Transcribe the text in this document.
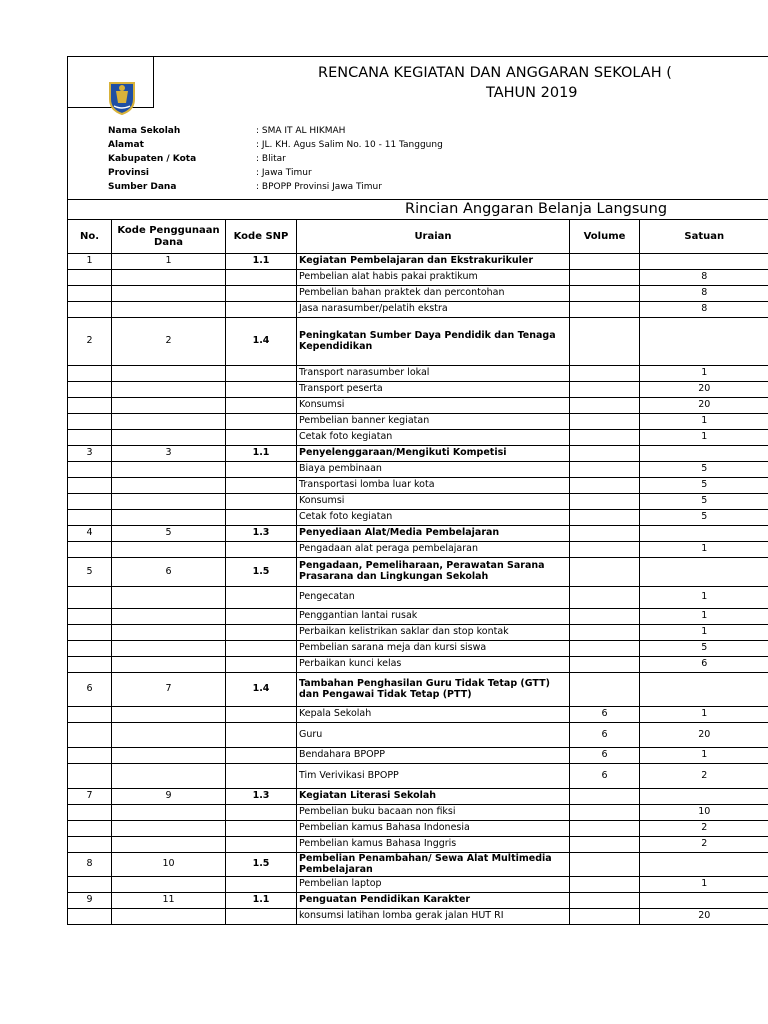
RENCANA KEGIATAN DAN ANGGARAN SEKOLAH (
TAHUN 2019
Nama Sekolah	: SMA IT AL HIKMAH
Alamat	: JL. KH. Agus Salim No. 10 - 11 Tanggung
Kabupaten / Kota	: Blitar
Provinsi	: Jawa Timur
Sumber Dana	: BPOPP Provinsi Jawa Timur
Rincian Anggaran Belanja Langsung
No.	Kode Penggunaan Dana	Kode SNP	Uraian	Volume	Satuan
1	1	1.1	Kegiatan Pembelajaran dan Ekstrakurikuler		
			Pembelian alat habis pakai praktikum		8
			Pembelian bahan praktek dan percontohan		8
			Jasa narasumber/pelatih ekstra		8
2	2	1.4	Peningkatan Sumber Daya Pendidik dan Tenaga Kependidikan		
			Transport narasumber lokal		1
			Transport peserta		20
			Konsumsi		20
			Pembelian banner kegiatan		1
			Cetak foto kegiatan		1
3	3	1.1	Penyelenggaraan/Mengikuti Kompetisi		
			Biaya pembinaan		5
			Transportasi lomba luar kota		5
			Konsumsi		5
			Cetak foto kegiatan		5
4	5	1.3	Penyediaan Alat/Media Pembelajaran		
			Pengadaan alat peraga pembelajaran		1
5	6	1.5	Pengadaan, Pemeliharaan, Perawatan Sarana Prasarana dan Lingkungan Sekolah		
			Pengecatan		1
			Penggantian lantai rusak		1
			Perbaikan kelistrikan saklar dan stop kontak		1
			Pembelian sarana meja dan kursi siswa		5
			Perbaikan kunci kelas		6
6	7	1.4	Tambahan Penghasilan Guru Tidak Tetap (GTT) dan Pengawai Tidak Tetap (PTT)		
			Kepala Sekolah	6	1
			Guru	6	20
			Bendahara BPOPP	6	1
			Tim Verivikasi BPOPP	6	2
7	9	1.3	Kegiatan Literasi Sekolah		
			Pembelian buku bacaan non fiksi		10
			Pembelian kamus Bahasa Indonesia		2
			Pembelian kamus Bahasa Inggris		2
8	10	1.5	Pembelian Penambahan/ Sewa Alat Multimedia Pembelajaran		
			Pembelian laptop		1
9	11	1.1	Penguatan Pendidikan Karakter		
			konsumsi latihan lomba gerak jalan HUT RI		20
